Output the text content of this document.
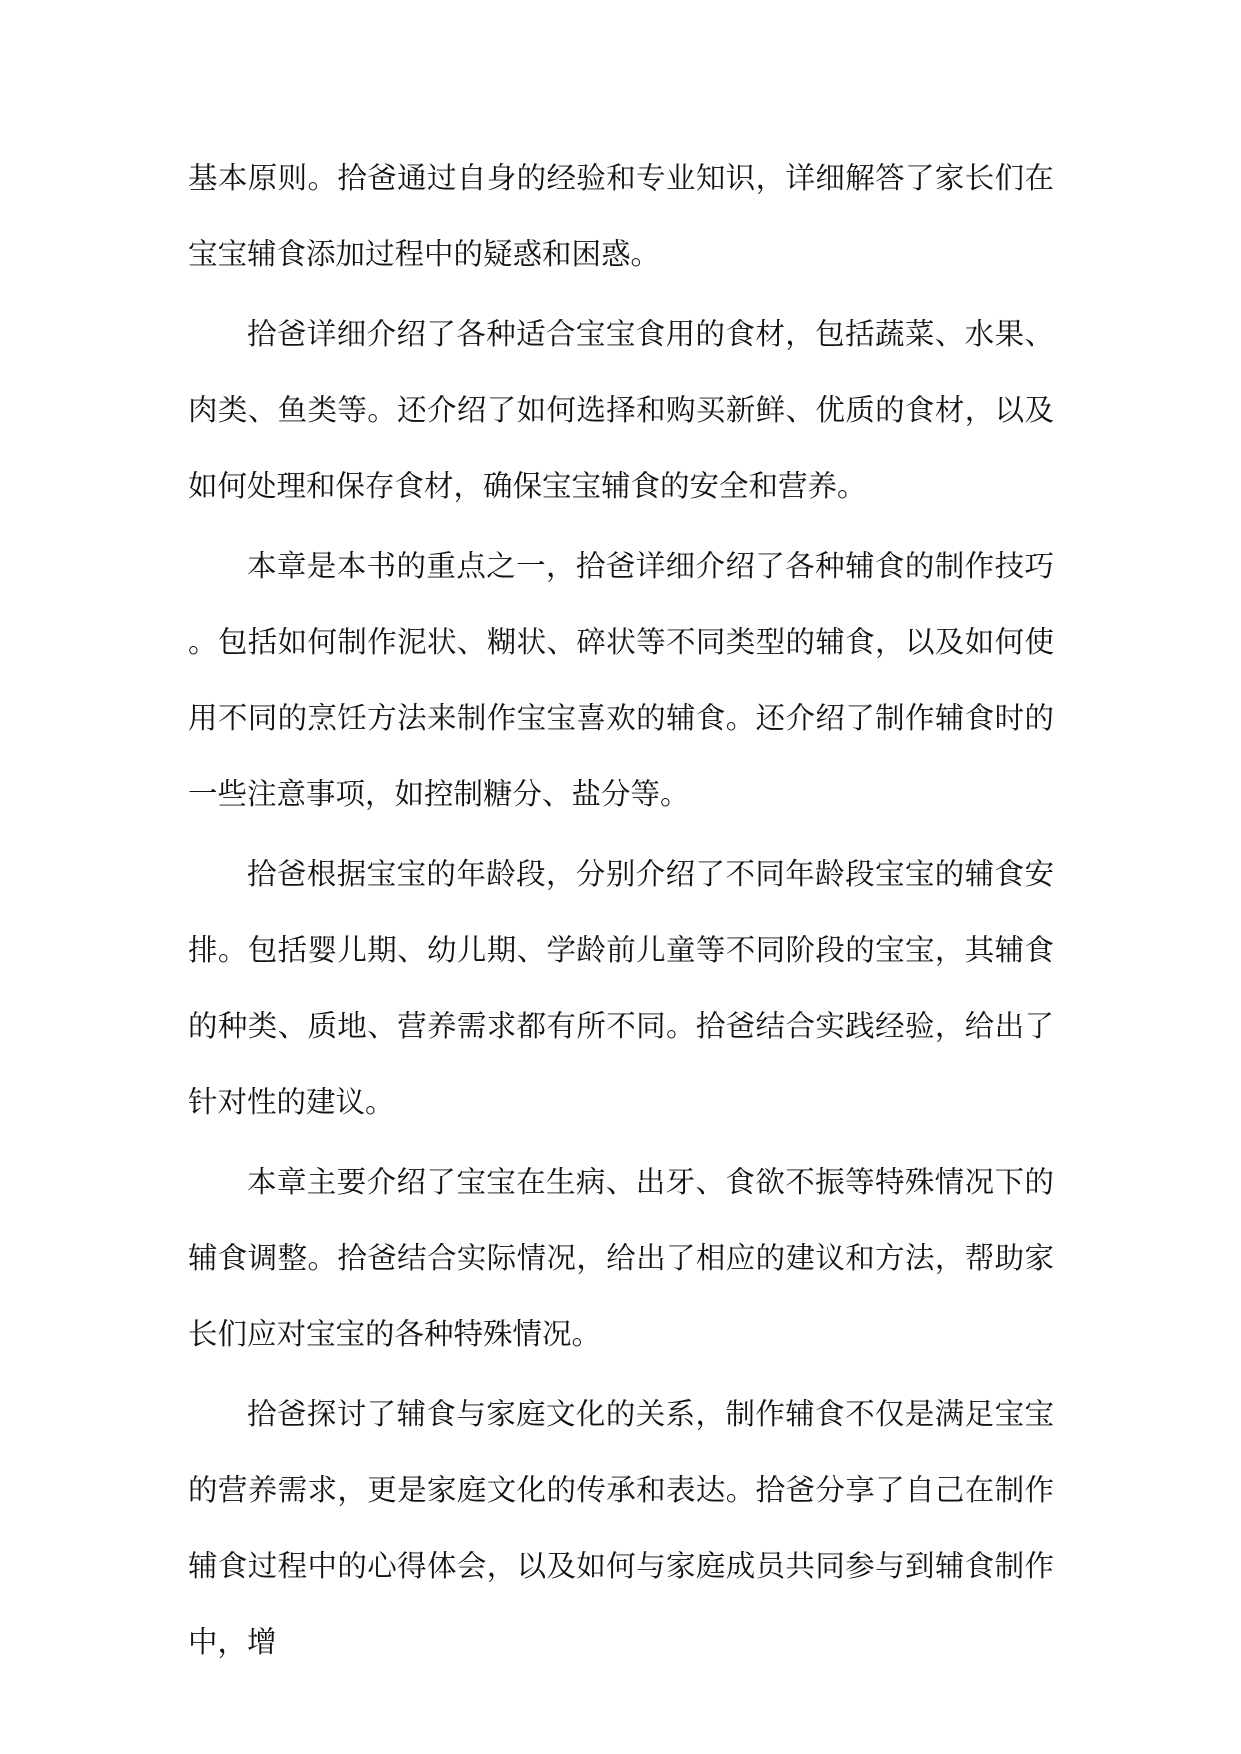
基本原则。拾爸通过自身的经验和专业知识，详细解答了家长们在宝宝辅食添加过程中的疑惑和困惑。

拾爸详细介绍了各种适合宝宝食用的食材，包括蔬菜、水果、肉类、鱼类等。还介绍了如何选择和购买新鲜、优质的食材，以及如何处理和保存食材，确保宝宝辅食的安全和营养。

本章是本书的重点之一，拾爸详细介绍了各种辅食的制作技巧。包括如何制作泥状、糊状、碎状等不同类型的辅食，以及如何使用不同的烹饪方法来制作宝宝喜欢的辅食。还介绍了制作辅食时的一些注意事项，如控制糖分、盐分等。

拾爸根据宝宝的年龄段，分别介绍了不同年龄段宝宝的辅食安排。包括婴儿期、幼儿期、学龄前儿童等不同阶段的宝宝，其辅食的种类、质地、营养需求都有所不同。拾爸结合实践经验，给出了针对性的建议。

本章主要介绍了宝宝在生病、出牙、食欲不振等特殊情况下的辅食调整。拾爸结合实际情况，给出了相应的建议和方法，帮助家长们应对宝宝的各种特殊情况。

拾爸探讨了辅食与家庭文化的关系，制作辅食不仅是满足宝宝的营养需求，更是家庭文化的传承和表达。拾爸分享了自己在制作辅食过程中的心得体会，以及如何与家庭成员共同参与到辅食制作中，增
